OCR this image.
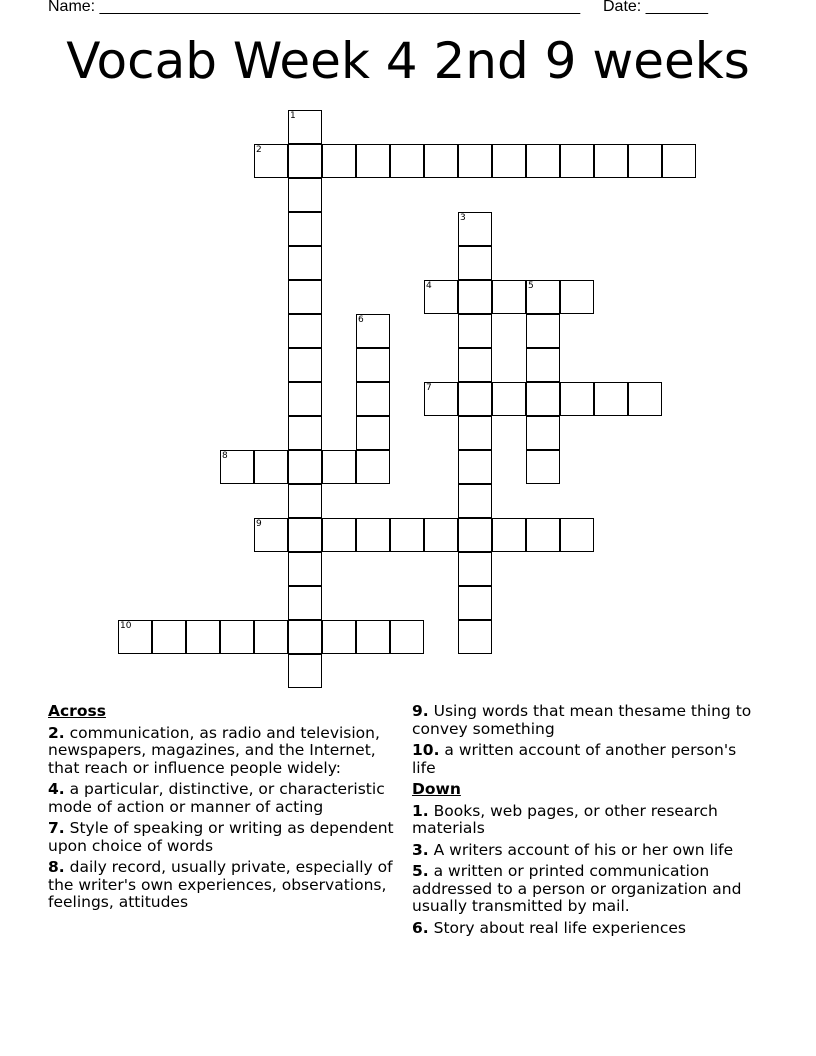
Name: ______________________________________________________ Date: _______
Vocab Week 4 2nd 9 weeks
1
2
3
4	5
6
7
8
9
10
Across
2. communication, as radio and television, newspapers, magazines, and the Internet, that reach or influence people widely:
4. a particular, distinctive, or characteristic mode of action or manner of acting
7. Style of speaking or writing as dependent upon choice of words
8. daily record, usually private, especially of the writer's own experiences, observations, feelings, attitudes
9. Using words that mean thesame thing to convey something
10. a written account of another person's life
Down
1. Books, web pages, or other research materials
3. A writers account of his or her own life
5. a written or printed communication addressed to a person or organization and usually transmitted by mail.
6. Story about real life experiences
